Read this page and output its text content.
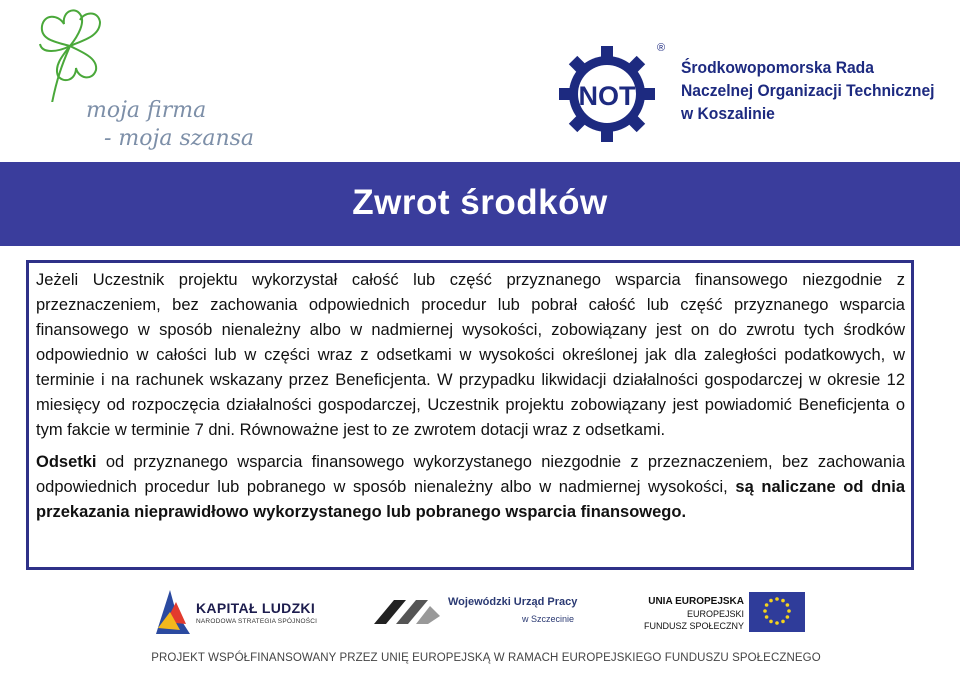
moja firma
- moja szansa
NOT
®
Środkowopomorska Rada
Naczelnej Organizacji Technicznej
w Koszalinie
Zwrot środków

Jeżeli Uczestnik projektu wykorzystał całość lub część przyznanego wsparcia finansowego niezgodnie z przeznaczeniem, bez zachowania odpowiednich procedur lub pobrał całość lub część przyznanego wsparcia finansowego w sposób nienależny albo w nadmiernej wysokości, zobowiązany jest on do zwrotu tych środków odpowiednio w całości lub w części wraz z odsetkami w wysokości określonej jak dla zaległości podatkowych, w terminie i na rachunek wskazany przez Beneficjenta. W przypadku likwidacji działalności gospodarczej w okresie 12 miesięcy od rozpoczęcia działalności gospodarczej, Uczestnik projektu zobowiązany jest powiadomić Beneficjenta o tym fakcie w terminie 7 dni. Równoważne jest to ze zwrotem dotacji wraz z odsetkami.

Odsetki od przyznanego wsparcia finansowego wykorzystanego niezgodnie z przeznaczeniem, bez zachowania odpowiednich procedur lub pobranego w sposób nienależny albo w nadmiernej wysokości, są naliczane od dnia przekazania nieprawidłowo wykorzystanego lub pobranego wsparcia finansowego.

KAPITAŁ LUDZKI
NARODOWA STRATEGIA SPÓJNOŚCI
Wojewódzki Urząd Pracy
w Szczecinie
UNIA EUROPEJSKA
EUROPEJSKI
FUNDUSZ SPOŁECZNY
PROJEKT WSPÓŁFINANSOWANY PRZEZ UNIĘ EUROPEJSKĄ W RAMACH EUROPEJSKIEGO FUNDUSZU SPOŁECZNEGO
